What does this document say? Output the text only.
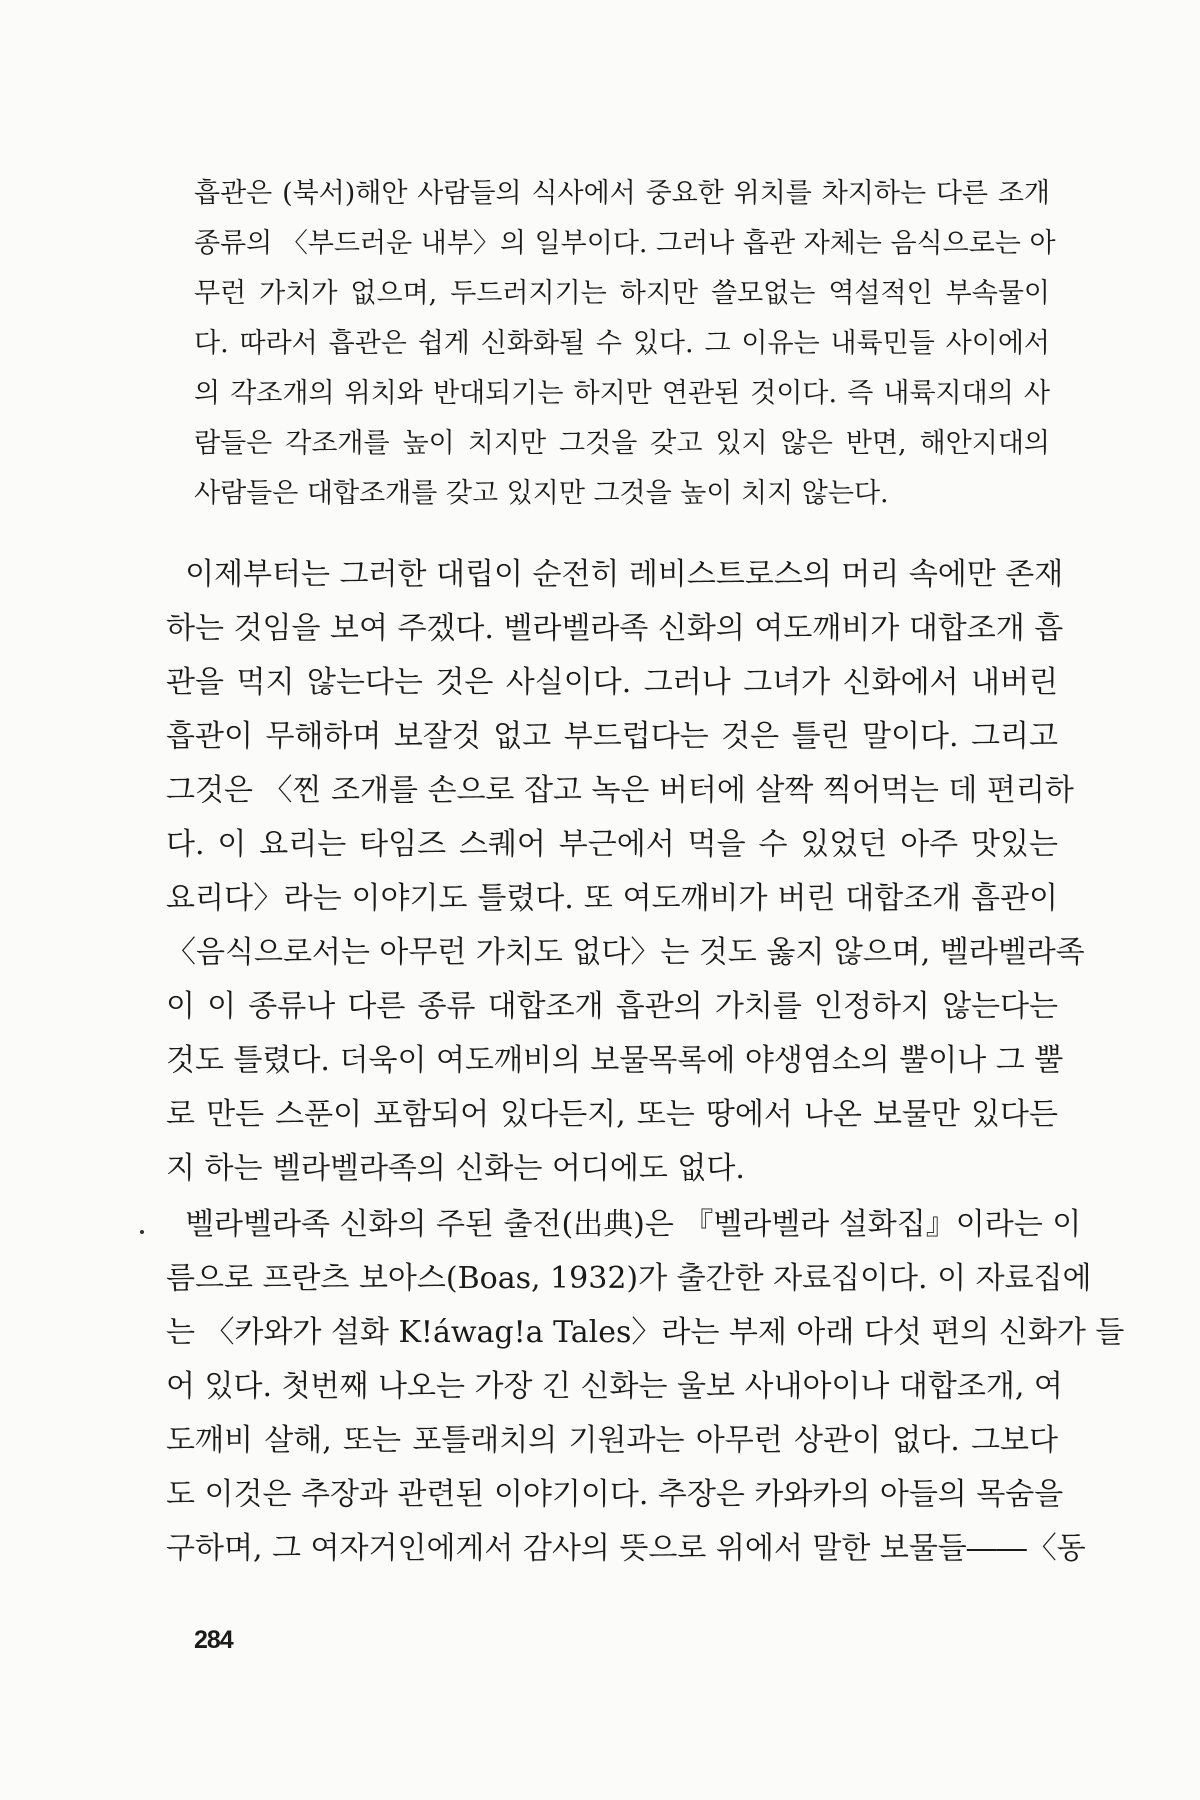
흡관은 (북서)해안 사람들의 식사에서 중요한 위치를 차지하는 다른 조개
종류의 〈부드러운 내부〉의 일부이다. 그러나 흡관 자체는 음식으로는 아
무런 가치가 없으며, 두드러지기는 하지만 쓸모없는 역설적인 부속물이
다. 따라서 흡관은 쉽게 신화화될 수 있다. 그 이유는 내륙민들 사이에서
의 각조개의 위치와 반대되기는 하지만 연관된 것이다. 즉 내륙지대의 사
람들은 각조개를 높이 치지만 그것을 갖고 있지 않은 반면, 해안지대의
사람들은 대합조개를 갖고 있지만 그것을 높이 치지 않는다.
이제부터는 그러한 대립이 순전히 레비스트로스의 머리 속에만 존재
하는 것임을 보여 주겠다. 벨라벨라족 신화의 여도깨비가 대합조개 흡
관을 먹지 않는다는 것은 사실이다. 그러나 그녀가 신화에서 내버린
흡관이 무해하며 보잘것 없고 부드럽다는 것은 틀린 말이다. 그리고
그것은 〈찐 조개를 손으로 잡고 녹은 버터에 살짝 찍어먹는 데 편리하
다. 이 요리는 타임즈 스퀘어 부근에서 먹을 수 있었던 아주 맛있는
요리다〉라는 이야기도 틀렸다. 또 여도깨비가 버린 대합조개 흡관이
〈음식으로서는 아무런 가치도 없다〉는 것도 옳지 않으며, 벨라벨라족
이 이 종류나 다른 종류 대합조개 흡관의 가치를 인정하지 않는다는
것도 틀렸다. 더욱이 여도깨비의 보물목록에 야생염소의 뿔이나 그 뿔
로 만든 스푼이 포함되어 있다든지, 또는 땅에서 나온 보물만 있다든
지 하는 벨라벨라족의 신화는 어디에도 없다.
벨라벨라족 신화의 주된 출전(出典)은 『벨라벨라 설화집』이라는 이
름으로 프란츠 보아스(Boas, 1932)가 출간한 자료집이다. 이 자료집에
는 〈카와가 설화 K!áwag!a Tales〉라는 부제 아래 다섯 편의 신화가 들
어 있다. 첫번째 나오는 가장 긴 신화는 울보 사내아이나 대합조개, 여
도깨비 살해, 또는 포틀래치의 기원과는 아무런 상관이 없다. 그보다
도 이것은 추장과 관련된 이야기이다. 추장은 카와카의 아들의 목숨을
구하며, 그 여자거인에게서 감사의 뜻으로 위에서 말한 보물들――〈동
284
